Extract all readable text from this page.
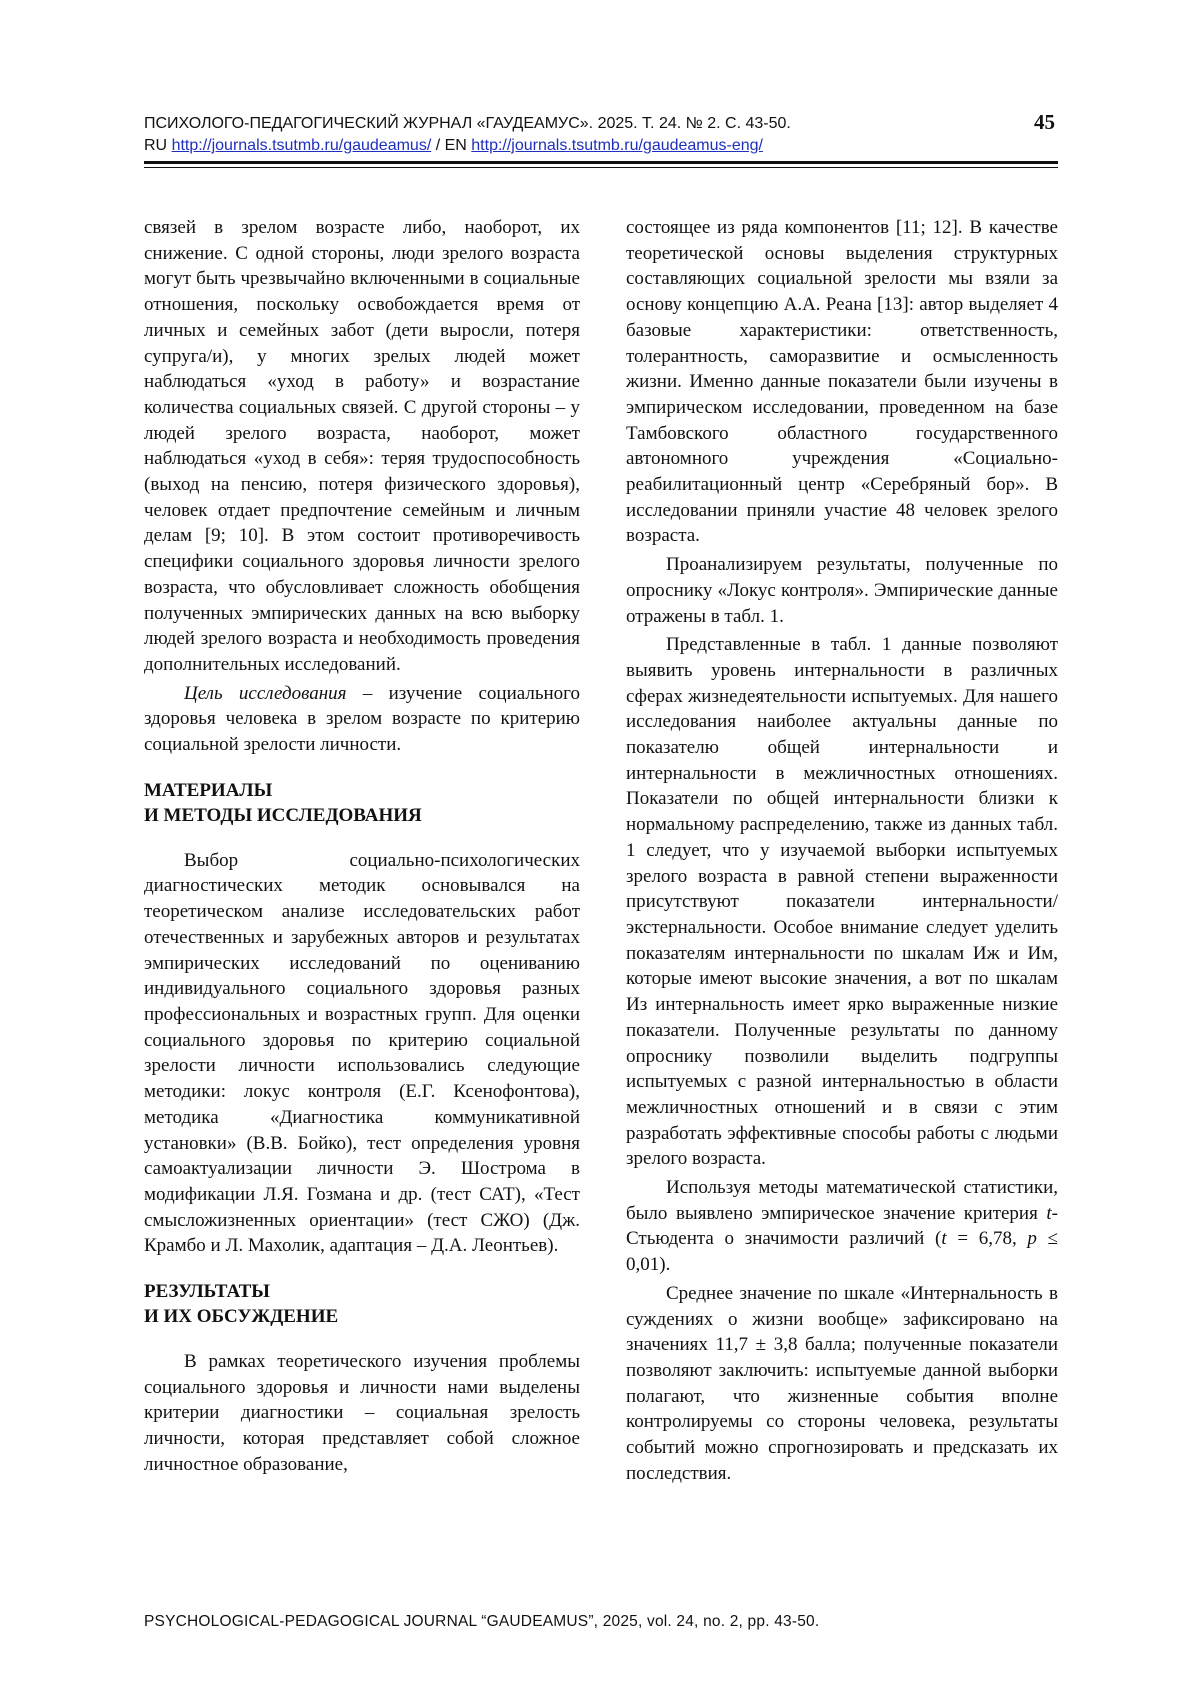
ПСИХОЛОГО-ПЕДАГОГИЧЕСКИЙ ЖУРНАЛ «ГАУДЕАМУС». 2025. Т. 24. № 2. С. 43-50.
RU http://journals.tsutmb.ru/gaudeamus/ / EN http://journals.tsutmb.ru/gaudeamus-eng/
45

связей в зрелом возрасте либо, наоборот, их снижение. С одной стороны, люди зрелого возраста могут быть чрезвычайно включенными в социальные отношения, поскольку освобождается время от личных и семейных забот (дети выросли, потеря супруга/и), у многих зрелых людей может наблюдаться «уход в работу» и возрастание количества социальных связей. С другой стороны – у людей зрелого возраста, наоборот, может наблюдаться «уход в себя»: теряя трудоспособность (выход на пенсию, потеря физического здоровья), человек отдает предпочтение семейным и личным делам [9; 10]. В этом состоит противоречивость специфики социального здоровья личности зрелого возраста, что обусловливает сложность обобщения полученных эмпирических данных на всю выборку людей зрелого возраста и необходимость проведения дополнительных исследований.

Цель исследования – изучение социального здоровья человека в зрелом возрасте по критерию социальной зрелости личности.

МАТЕРИАЛЫ
И МЕТОДЫ ИССЛЕДОВАНИЯ

Выбор социально-психологических диагностических методик основывался на теоретическом анализе исследовательских работ отечественных и зарубежных авторов и результатах эмпирических исследований по оцениванию индивидуального социального здоровья разных профессиональных и возрастных групп. Для оценки социального здоровья по критерию социальной зрелости личности использовались следующие методики: локус контроля (Е.Г. Ксенофонтова), методика «Диагностика коммуникативной установки» (В.В. Бойко), тест определения уровня самоактуализации личности Э. Шострома в модификации Л.Я. Гозмана и др. (тест САТ), «Тест смысложизненных ориентации» (тест СЖО) (Дж. Крамбо и Л. Махолик, адаптация – Д.А. Леонтьев).

РЕЗУЛЬТАТЫ
И ИХ ОБСУЖДЕНИЕ

В рамках теоретического изучения проблемы социального здоровья и личности нами выделены критерии диагностики – социальная зрелость личности, которая представляет собой сложное личностное образование,

состоящее из ряда компонентов [11; 12]. В качестве теоретической основы выделения структурных составляющих социальной зрелости мы взяли за основу концепцию А.А. Реана [13]: автор выделяет 4 базовые характеристики: ответственность, толерантность, саморазвитие и осмысленность жизни. Именно данные показатели были изучены в эмпирическом исследовании, проведенном на базе Тамбовского областного государственного автономного учреждения «Социально-реабилитационный центр «Серебряный бор». В исследовании приняли участие 48 человек зрелого возраста.

Проанализируем результаты, полученные по опроснику «Локус контроля». Эмпирические данные отражены в табл. 1.

Представленные в табл. 1 данные позволяют выявить уровень интернальности в различных сферах жизнедеятельности испытуемых. Для нашего исследования наиболее актуальны данные по показателю общей интернальности и интернальности в межличностных отношениях. Показатели по общей интернальности близки к нормальному распределению, также из данных табл. 1 следует, что у изучаемой выборки испытуемых зрелого возраста в равной степени выраженности присутствуют показатели интернальности/экстернальности. Особое внимание следует уделить показателям интернальности по шкалам Иж и Им, которые имеют высокие значения, а вот по шкалам Из интернальность имеет ярко выраженные низкие показатели. Полученные результаты по данному опроснику позволили выделить подгруппы испытуемых с разной интернальностью в области межличностных отношений и в связи с этим разработать эффективные способы работы с людьми зрелого возраста.

Используя методы математической статистики, было выявлено эмпирическое значение критерия t-Стьюдента о значимости различий (t = 6,78, p ≤ 0,01).

Среднее значение по шкале «Интернальность в суждениях о жизни вообще» зафиксировано на значениях 11,7 ± 3,8 балла; полученные показатели позволяют заключить: испытуемые данной выборки полагают, что жизненные события вполне контролируемы со стороны человека, результаты событий можно спрогнозировать и предсказать их последствия.

PSYCHOLOGICAL-PEDAGOGICAL JOURNAL “GAUDEAMUS”, 2025, vol. 24, no. 2, pp. 43-50.
